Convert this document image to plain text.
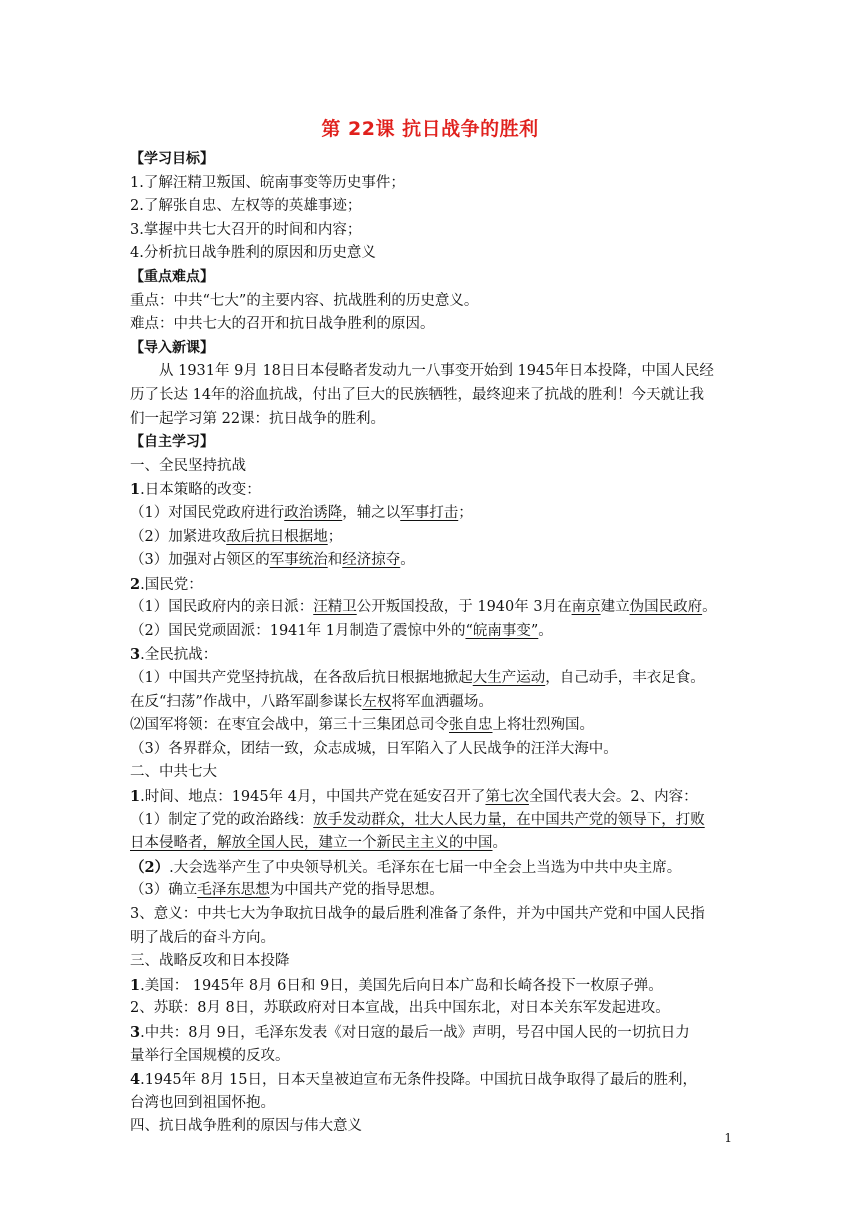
第 22课 抗日战争的胜利
【学习目标】
1.了解汪精卫叛国、皖南事变等历史事件；
2.了解张自忠、左权等的英雄事迹；
3.掌握中共七大召开的时间和内容；
4.分析抗日战争胜利的原因和历史意义
【重点难点】
重点：中共“七大”的主要内容、抗战胜利的历史意义。
难点：中共七大的召开和抗日战争胜利的原因。
【导入新课】
从 1931年 9月 18日日本侵略者发动九一八事变开始到 1945年日本投降，中国人民经
历了长达 14年的浴血抗战，付出了巨大的民族牺牲，最终迎来了抗战的胜利！今天就让我
们一起学习第 22课：抗日战争的胜利。
【自主学习】
一、全民坚持抗战
1.日本策略的改变：
（1）对国民党政府进行政治诱降，辅之以军事打击；
（2）加紧进攻敌后抗日根据地；
（3）加强对占领区的军事统治和经济掠夺。
2.国民党：
（1）国民政府内的亲日派：汪精卫公开叛国投敌，于 1940年 3月在南京建立伪国民政府。
（2）国民党顽固派：1941年 1月制造了震惊中外的“皖南事变”。
3.全民抗战：
（1）中国共产党坚持抗战，在各敌后抗日根据地掀起大生产运动，自己动手，丰衣足食。
在反“扫荡”作战中，八路军副参谋长左权将军血洒疆场。
⑵国军将领：在枣宜会战中，第三十三集团总司令张自忠上将壮烈殉国。
（3）各界群众，团结一致，众志成城，日军陷入了人民战争的汪洋大海中。
二、中共七大
1.时间、地点：1945年 4月，中国共产党在延安召开了第七次全国代表大会。2、内容：
（1）制定了党的政治路线：放手发动群众，壮大人民力量，在中国共产党的领导下，打败
日本侵略者，解放全国人民，建立一个新民主主义的中国。
（2）.大会选举产生了中央领导机关。毛泽东在七届一中全会上当选为中共中央主席。
（3）确立毛泽东思想为中国共产党的指导思想。
3、意义：中共七大为争取抗日战争的最后胜利准备了条件，并为中国共产党和中国人民指
明了战后的奋斗方向。
三、战略反攻和日本投降
1.美国： 1945年 8月 6日和 9日，美国先后向日本广岛和长崎各投下一枚原子弹。
2、苏联：8月 8日，苏联政府对日本宣战，出兵中国东北，对日本关东军发起进攻。
3.中共：8月 9日，毛泽东发表《对日寇的最后一战》声明，号召中国人民的一切抗日力
量举行全国规模的反攻。
4.1945年 8月 15日，日本天皇被迫宣布无条件投降。中国抗日战争取得了最后的胜利，
台湾也回到祖国怀抱。
四、抗日战争胜利的原因与伟大意义
1
